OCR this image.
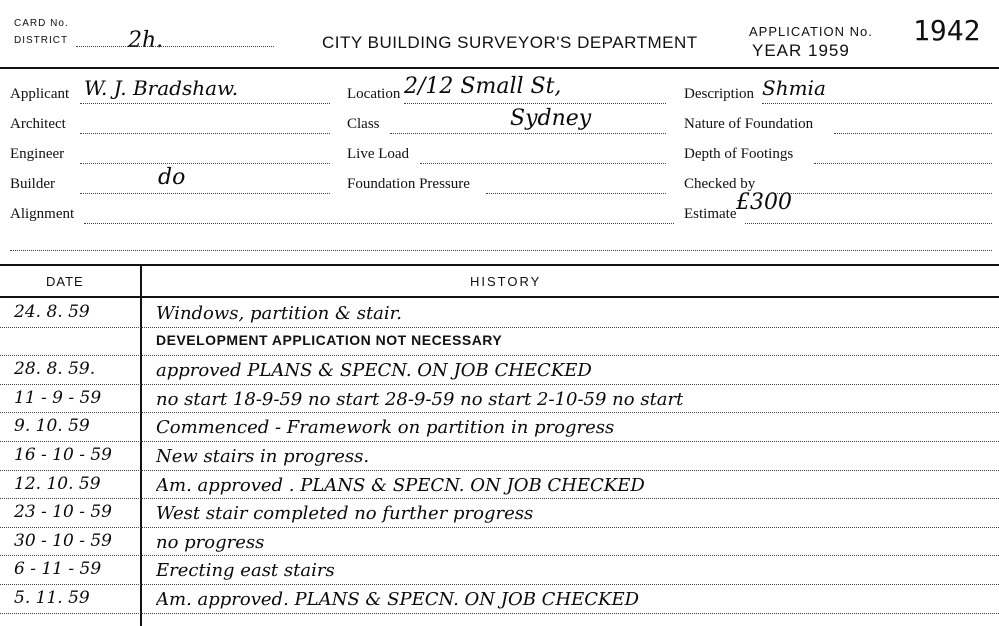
CARD No.
DISTRICT	2h.	CITY BUILDING SURVEYOR'S DEPARTMENT
APPLICATION No. 1942
YEAR 1959
Applicant W. J. Bradshaw.
Architect
Engineer
Builder	do
Alignment
Location 2/12 Small St,
Class	Sydney
Live Load
Foundation Pressure
Description Shmia
Nature of Foundation
Depth of Footings
Checked by
£300
Estimate
DATE	HISTORY
24. 8. 59	Windows, partition & stair.
DEVELOPMENT APPLICATION NOT NECESSARY
28. 8. 59.	approved PLANS & SPECN. ON JOB CHECKED
11 - 9 - 59	no start 18-9-59 no start 28-9-59 no start 2-10-59 no start
9. 10. 59	Commenced - Framework on partition in progress
16 - 10 - 59 New stairs in progress.
12. 10. 59	Am. approved . PLANS & SPECN. ON JOB CHECKED
23 - 10 - 59 West stair completed no further progress
30 - 10 - 59 no progress
6 - 11 - 59	Erecting east stairs
5. 11. 59	Am. approved. PLANS & SPECN. ON JOB CHECKED
